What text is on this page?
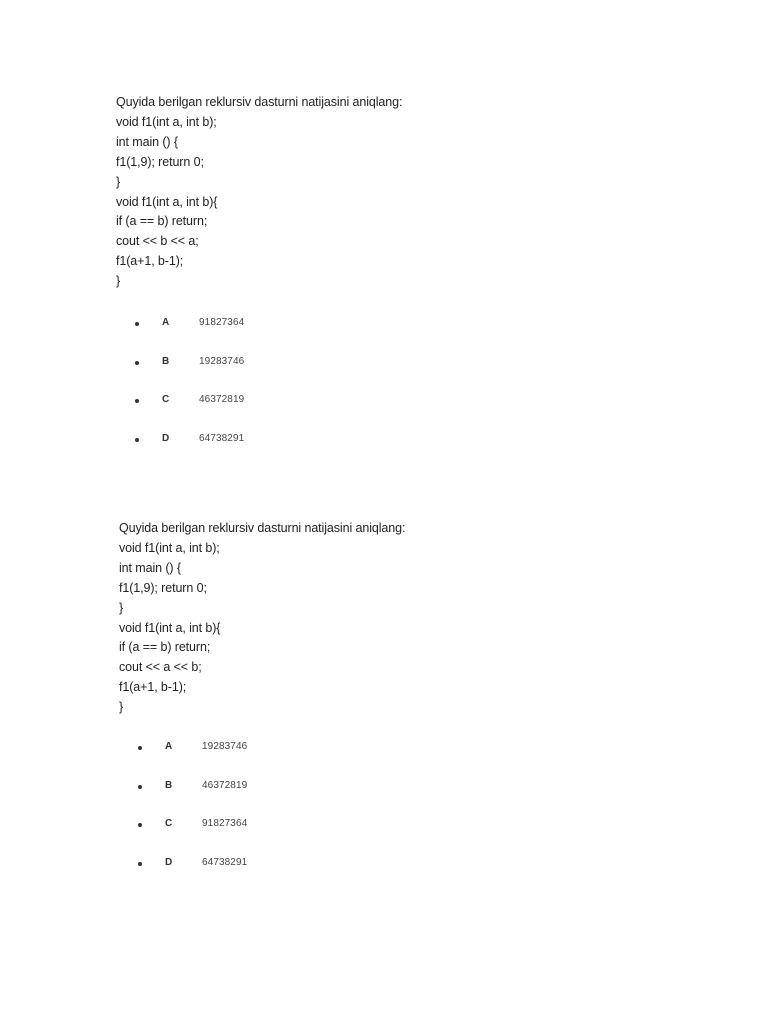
Quyida berilgan reklursiv dasturni natijasini aniqlang:
void f1(int a, int b);
int main () {
f1(1,9); return 0;
}
void f1(int a, int b){
if (a == b) return;
cout << b << a;
f1(a+1, b-1);
}
A	91827364
B	19283746
C	46372819
D	64738291
Quyida berilgan reklursiv dasturni natijasini aniqlang:
void f1(int a, int b);
int main () {
f1(1,9); return 0;
}
void f1(int a, int b){
if (a == b) return;
cout << a << b;
f1(a+1, b-1);
}
A	19283746
B	46372819
C	91827364
D	64738291
